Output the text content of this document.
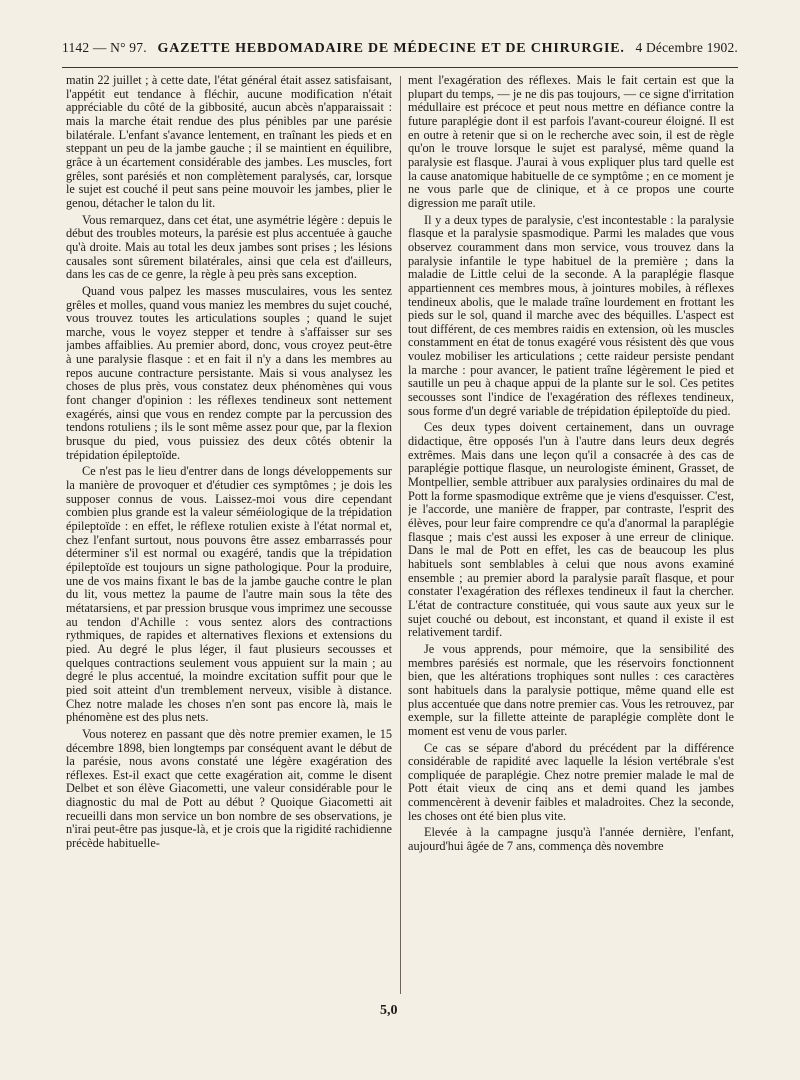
1142 — N° 97. GAZETTE HEBDOMADAIRE DE MÉDECINE ET DE CHIRURGIE. 4 Décembre 1902.

matin 22 juillet ; à cette date, l'état général était assez satisfaisant, l'appétit eut tendance à fléchir, aucune modification n'était appréciable du côté de la gibbosité, aucun abcès n'apparaissait : mais la marche était rendue des plus pénibles par une parésie bilatérale. L'enfant s'avance lentement, en traînant les pieds et en steppant un peu de la jambe gauche ; il se maintient en équilibre, grâce à un écartement considérable des jambes. Les muscles, fort grêles, sont parésiés et non complètement paralysés, car, lorsque le sujet est couché il peut sans peine mouvoir les jambes, plier le genou, détacher le talon du lit.

Vous remarquez, dans cet état, une asymétrie légère : depuis le début des troubles moteurs, la parésie est plus accentuée à gauche qu'à droite. Mais au total les deux jambes sont prises ; les lésions causales sont sûrement bilatérales, ainsi que cela est d'ailleurs, dans les cas de ce genre, la règle à peu près sans exception.

Quand vous palpez les masses musculaires, vous les sentez grêles et molles, quand vous maniez les membres du sujet couché, vous trouvez toutes les articulations souples ; quand le sujet marche, vous le voyez stepper et tendre à s'affaisser sur ses jambes affaiblies. Au premier abord, donc, vous croyez peut-être à une paralysie flasque : et en fait il n'y a dans les membres au repos aucune contracture persistante. Mais si vous analysez les choses de plus près, vous constatez deux phénomènes qui vous font changer d'opinion : les réflexes tendineux sont nettement exagérés, ainsi que vous en rendez compte par la percussion des tendons rotuliens ; ils le sont même assez pour que, par la flexion brusque du pied, vous puissiez des deux côtés obtenir la trépidation épileptoïde.

Ce n'est pas le lieu d'entrer dans de longs développements sur la manière de provoquer et d'étudier ces symptômes ; je dois les supposer connus de vous. Laissez-moi vous dire cependant combien plus grande est la valeur séméiologique de la trépidation épileptoïde : en effet, le réflexe rotulien existe à l'état normal et, chez l'enfant surtout, nous pouvons être assez embarrassés pour déterminer s'il est normal ou exagéré, tandis que la trépidation épileptoïde est toujours un signe pathologique. Pour la produire, une de vos mains fixant le bas de la jambe gauche contre le plan du lit, vous mettez la paume de l'autre main sous la tête des métatarsiens, et par pression brusque vous imprimez une secousse au tendon d'Achille : vous sentez alors des contractions rythmiques, de rapides et alternatives flexions et extensions du pied. Au degré le plus léger, il faut plusieurs secousses et quelques contractions seulement vous appuient sur la main ; au degré le plus accentué, la moindre excitation suffit pour que le pied soit atteint d'un tremblement nerveux, visible à distance. Chez notre malade les choses n'en sont pas encore là, mais le phénomène est des plus nets.

Vous noterez en passant que dès notre premier examen, le 15 décembre 1898, bien longtemps par conséquent avant le début de la parésie, nous avons constaté une légère exagération des réflexes. Est-il exact que cette exagération ait, comme le disent Delbet et son élève Giacometti, une valeur considérable pour le diagnostic du mal de Pott au début ? Quoique Giacometti ait recueilli dans mon service un bon nombre de ses observations, je n'irai peut-être pas jusque-là, et je crois que la rigidité rachidienne précède habituelle-

ment l'exagération des réflexes. Mais le fait certain est que la plupart du temps, — je ne dis pas toujours, — ce signe d'irritation médullaire est précoce et peut nous mettre en défiance contre la future paraplégie dont il est parfois l'avant-coureur éloigné. Il est en outre à retenir que si on le recherche avec soin, il est de règle qu'on le trouve lorsque le sujet est paralysé, même quand la paralysie est flasque. J'aurai à vous expliquer plus tard quelle est la cause anatomique habituelle de ce symptôme ; en ce moment je ne vous parle que de clinique, et à ce propos une courte digression me paraît utile.

Il y a deux types de paralysie, c'est incontestable : la paralysie flasque et la paralysie spasmodique. Parmi les malades que vous observez couramment dans mon service, vous trouvez dans la paralysie infantile le type habituel de la première ; dans la maladie de Little celui de la seconde. A la paraplégie flasque appartiennent ces membres mous, à jointures mobiles, à réflexes tendineux abolis, que le malade traîne lourdement en frottant les pieds sur le sol, quand il marche avec des béquilles. L'aspect est tout différent, de ces membres raidis en extension, où les muscles constamment en état de tonus exagéré vous résistent dès que vous voulez mobiliser les articulations ; cette raideur persiste pendant la marche : pour avancer, le patient traîne légèrement le pied et sautille un peu à chaque appui de la plante sur le sol. Ces petites secousses sont l'indice de l'exagération des réflexes tendineux, sous forme d'un degré variable de trépidation épileptoïde du pied.

Ces deux types doivent certainement, dans un ouvrage didactique, être opposés l'un à l'autre dans leurs deux degrés extrêmes. Mais dans une leçon qu'il a consacrée à des cas de paraplégie pottique flasque, un neurologiste éminent, Grasset, de Montpellier, semble attribuer aux paralysies ordinaires du mal de Pott la forme spasmodique extrême que je viens d'esquisser. C'est, je l'accorde, une manière de frapper, par contraste, l'esprit des élèves, pour leur faire comprendre ce qu'a d'anormal la paraplégie flasque ; mais c'est aussi les exposer à une erreur de clinique. Dans le mal de Pott en effet, les cas de beaucoup les plus habituels sont semblables à celui que nous avons examiné ensemble ; au premier abord la paralysie paraît flasque, et pour constater l'exagération des réflexes tendineux il faut la chercher. L'état de contracture constituée, qui vous saute aux yeux sur le sujet couché ou debout, est inconstant, et quand il existe il est relativement tardif.

Je vous apprends, pour mémoire, que la sensibilité des membres parésiés est normale, que les réservoirs fonctionnent bien, que les altérations trophiques sont nulles : ces caractères sont habituels dans la paralysie pottique, même quand elle est plus accentuée que dans notre premier cas. Vous les retrouvez, par exemple, sur la fillette atteinte de paraplégie complète dont le moment est venu de vous parler.

Ce cas se sépare d'abord du précédent par la différence considérable de rapidité avec laquelle la lésion vertébrale s'est compliquée de paraplégie. Chez notre premier malade le mal de Pott était vieux de cinq ans et demi quand les jambes commencèrent à devenir faibles et maladroites. Chez la seconde, les choses ont été bien plus vite.

Elevée à la campagne jusqu'à l'année dernière, l'enfant, aujourd'hui âgée de 7 ans, commença dès novembre

5,0
